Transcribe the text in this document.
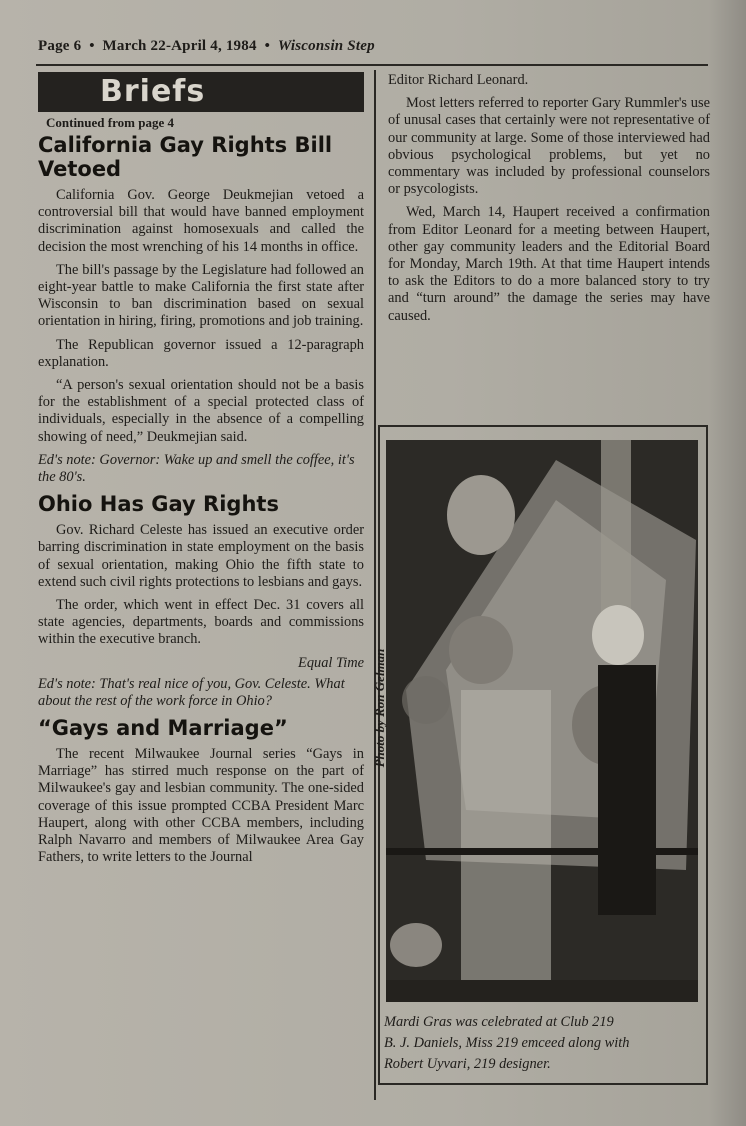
Page 6 • March 22-April 4, 1984 • Wisconsin Step
Briefs
Continued from page 4
California Gay Rights Bill Vetoed

California Gov. George Deukmejian vetoed a controversial bill that would have banned employment discrimination against homosexuals and called the decision the most wrenching of his 14 months in office.

The bill's passage by the Legislature had followed an eight-year battle to make California the first state after Wisconsin to ban discrimination based on sexual orientation in hiring, firing, promotions and job training.

The Republican governor issued a 12-paragraph explanation.

“A person's sexual orientation should not be a basis for the establishment of a special protected class of individuals, especially in the absence of a compelling showing of need,” Deukmejian said.

Ed's note: Governor: Wake up and smell the coffee, it's the 80's.

Ohio Has Gay Rights

Gov. Richard Celeste has issued an executive order barring discrimination in state employment on the basis of sexual orientation, making Ohio the fifth state to extend such civil rights protections to lesbians and gays.

The order, which went in effect Dec. 31 covers all state agencies, departments, boards and commissions within the executive branch.

Equal Time

Ed's note: That's real nice of you, Gov. Celeste. What about the rest of the work force in Ohio?

“Gays and Marriage”

The recent Milwaukee Journal series “Gays in Marriage” has stirred much response on the part of Milwaukee's gay and lesbian community. The one-sided coverage of this issue prompted CCBA President Marc Haupert, along with other CCBA members, including Ralph Navarro and members of Milwaukee Area Gay Fathers, to write letters to the Journal

Editor Richard Leonard.

Most letters referred to reporter Gary Rummler's use of unusal cases that certainly were not representative of our community at large. Some of those interviewed had obvious psychological problems, but yet no commentary was included by professional counselors or psycologists.

Wed, March 14, Haupert received a confirmation from Editor Leonard for a meeting between Haupert, other gay community leaders and the Editorial Board for Monday, March 19th. At that time Haupert intends to ask the Editors to do a more balanced story to try and “turn around” the damage the series may have caused.

Photo by Ron Gelman
Mardi Gras was celebrated at Club 219
B. J. Daniels, Miss 219 emceed along with
Robert Uyvari, 219 designer.
